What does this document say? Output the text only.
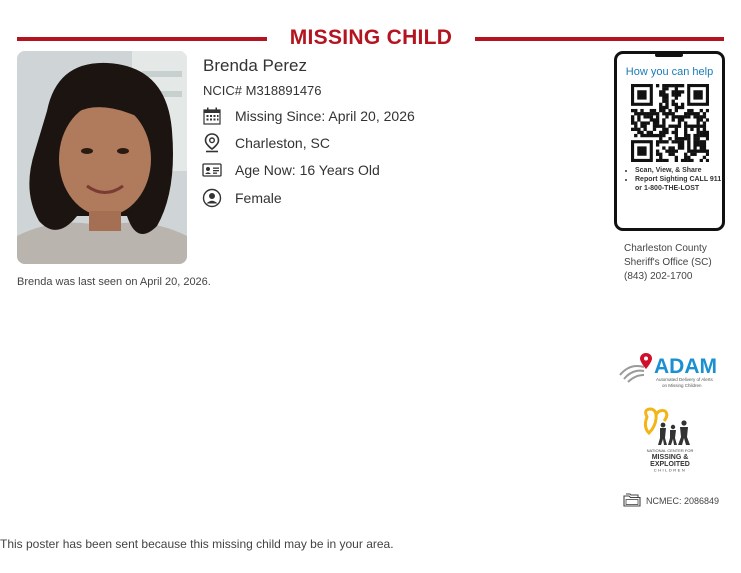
MISSING CHILD
Brenda Perez
NCIC# M318891476
Missing Since: April 20, 2026
Charleston, SC
Age Now: 16 Years Old
Female
Brenda was last seen on April 20, 2026.
How you can help
• Scan, View, & Share
• Report Sighting CALL 911 or 1-800-THE-LOST
Charleston County
Sheriff's Office (SC)
(843) 202-1700
ADAM
Automated Delivery of Alerts
on Missing Children
NATIONAL CENTER FOR
MISSING &
EXPLOITED
CHILDREN
NCMEC: 2086849
This poster has been sent because this missing child may be in your area.
